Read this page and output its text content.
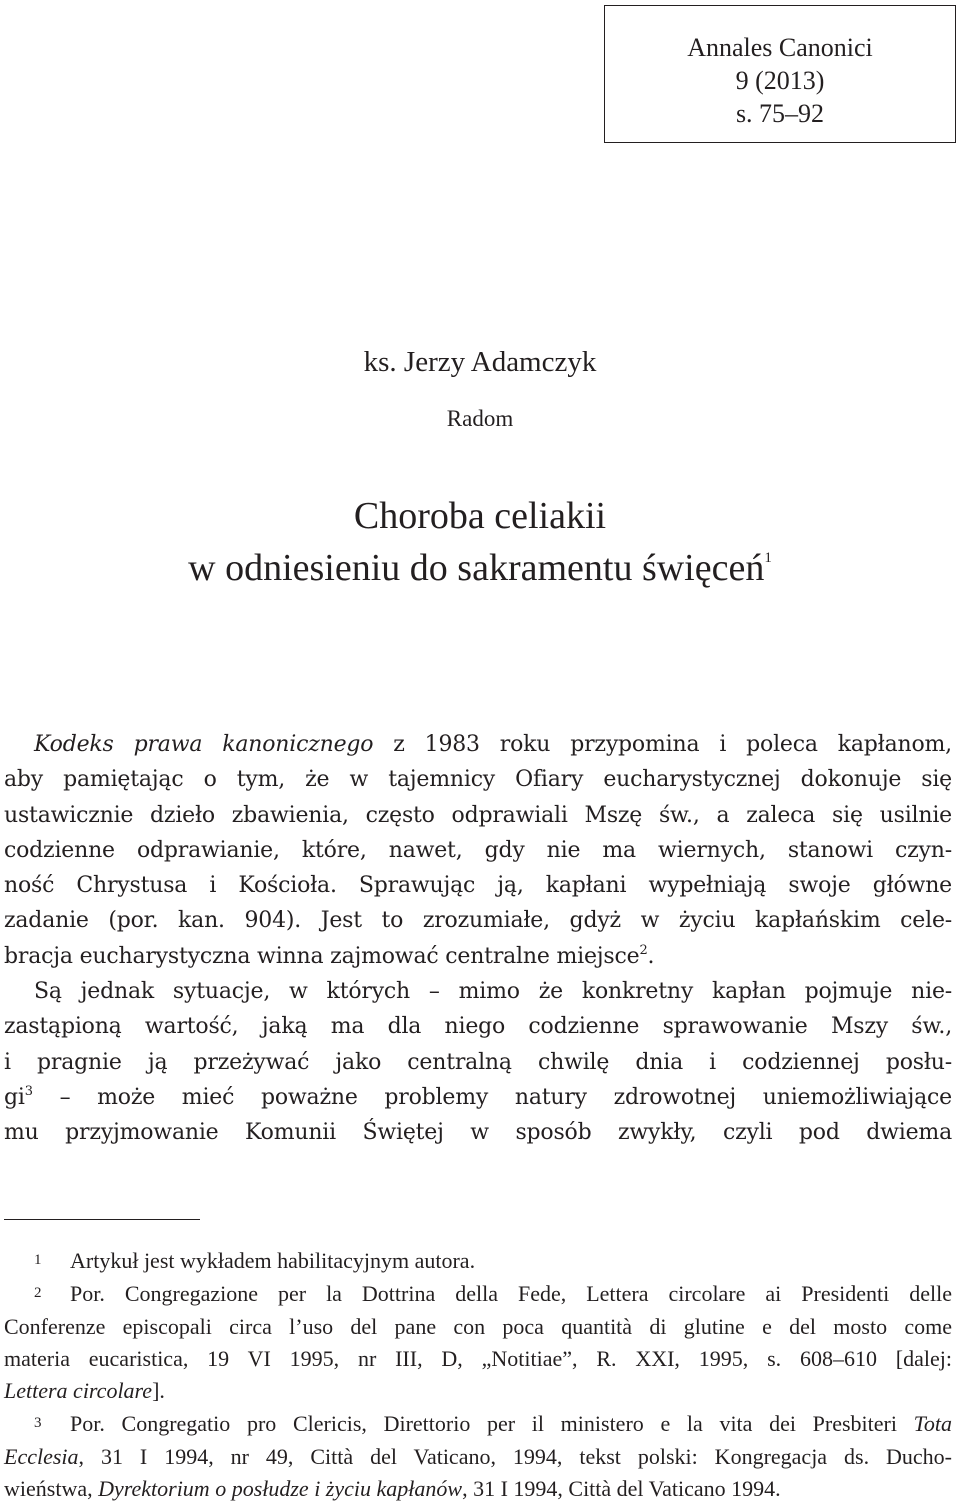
Annales Canonici
9 (2013)
s. 75–92
ks. Jerzy Adamczyk
Radom
Choroba celiakii
w odniesieniu do sakramentu święceń$^1$

Kodeks prawa kanonicznego z 1983 roku przypomina i poleca kapłanom,
aby pamiętając o tym, że w tajemnicy Ofiary eucharystycznej dokonuje się
ustawicznie dzieło zbawienia, często odprawiali Mszę św., a zaleca się usilnie
codzienne odprawianie, które, nawet, gdy nie ma wiernych, stanowi czyn-
ność Chrystusa i Kościoła. Sprawując ją, kapłani wypełniają swoje główne
zadanie (por. kan. 904). Jest to zrozumiałe, gdyż w życiu kapłańskim cele-
bracja eucharystyczna winna zajmować centralne miejsce$^2$.

Są jednak sytuacje, w których – mimo że konkretny kapłan pojmuje nie-
zastąpioną wartość, jaką ma dla niego codzienne sprawowanie Mszy św.,
i pragnie ją przeżywać jako centralną chwilę dnia i codziennej posłu-
$gi^3$ – może mieć poważne problemy natury zdrowotnej uniemożliwiające
mu przyjmowanie Komunii Świętej w sposób zwykły, czyli pod dwiema

1 Artykuł jest wykładem habilitacyjnym autora.
2 Por. Congregazione per la Dottrina della Fede, Lettera circolare ai Presidenti delle
Conferenze episcopali circa l’uso del pane con poca quantità di glutine e del mosto come
materia eucaristica, 19 VI 1995, nr III, D, „Notitiae”, R. XXI, 1995, s. 608–610 [dalej:
Lettera circolare].
3 Por. Congregatio pro Clericis, Direttorio per il ministero e la vita dei Presbiteri Tota
Ecclesia, 31 I 1994, nr 49, Città del Vaticano, 1994, tekst polski: Kongregacja ds. Ducho-
wieństwa, Dyrektorium o posłudze i życiu kapłanów, 31 I 1994, Città del Vaticano 1994.
